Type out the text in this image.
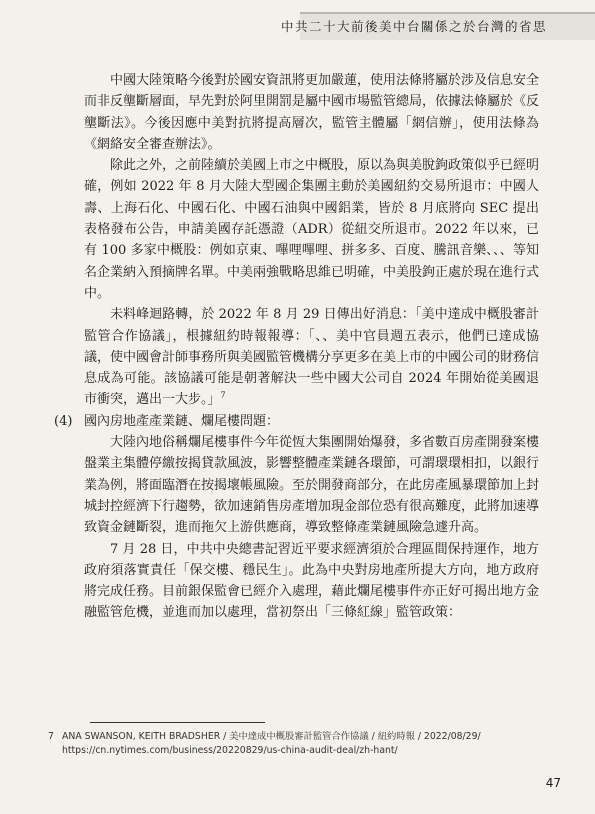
中共二十大前後美中台關係之於台灣的省思

中國大陸策略今後對於國安資訊將更加嚴蓮，使用法條將屬於涉及信息安全而非反壟斷層面，早先對於阿里開罰是屬中國市場監管總局，依據法條屬於《反壟斷法》。今後因應中美對抗將提高層次，監管主體屬「網信辦」，使用法條為《網絡安全審查辦法》。

除此之外，之前陸續於美國上市之中概股，原以為與美脫鉤政策似乎已經明確，例如 2022 年 8 月大陸大型國企集團主動於美國紐約交易所退市：中國人壽、上海石化、中國石化、中國石油與中國鋁業，皆於 8 月底將向 SEC 提出表格發布公告，申請美國存託憑證（ADR）從紐交所退市。2022 年以來，已有 100 多家中概股：例如京東、嗶哩嗶哩、拼多多、百度、騰訊音樂、、、等知名企業納入預摘牌名單。中美兩強戰略思維已明確，中美股鉤正處於現在進行式中。

未料峰迴路轉，於 2022 年 8 月 29 日傳出好消息：「美中達成中概股審計監管合作協議」，根據紐約時報報導：「、、美中官員週五表示，他們已達成協議，使中國會計師事務所與美國監管機構分享更多在美上市的中國公司的財務信息成為可能。該協議可能是朝著解決一些中國大公司自 2024 年開始從美國退市衝突，邁出一大步。」$^7$

(4) 國內房地產產業鏈、爛尾樓問題：

大陸內地俗稱爛尾樓事件今年從恆大集團開始爆發，多省數百房產開發案樓盤業主集體停繳按揭貸款風波，影響整體產業鏈各環節，可謂環環相扣，以銀行業為例，將面臨潛在按揭壞帳風險。至於開發商部分，在此房產風暴環節加上封城封控經濟下行趨勢，欲加速銷售房產增加現金部位恐有很高難度，此將加速導致資金鏈斷裂，進而拖欠上游供應商，導致整條產業鏈風險急遽升高。

7 月 28 日，中共中央總書記習近平要求經濟須於合理區間保持運作，地方政府須落實責任「保交樓、穩民生」。此為中央對房地產所提大方向，地方政府將完成任務。目前銀保監會已經介入處理，藉此爛尾樓事件亦正好可揭出地方金融監管危機，並進而加以處理，當初祭出「三條紅線」監管政策：

7 ANA SWANSON, KEITH BRADSHER / 美中達成中概股審計監管合作協議 / 紐約時報 / 2022/08/29/
https://cn.nytimes.com/business/20220829/us-china-audit-deal/zh-hant/
47
